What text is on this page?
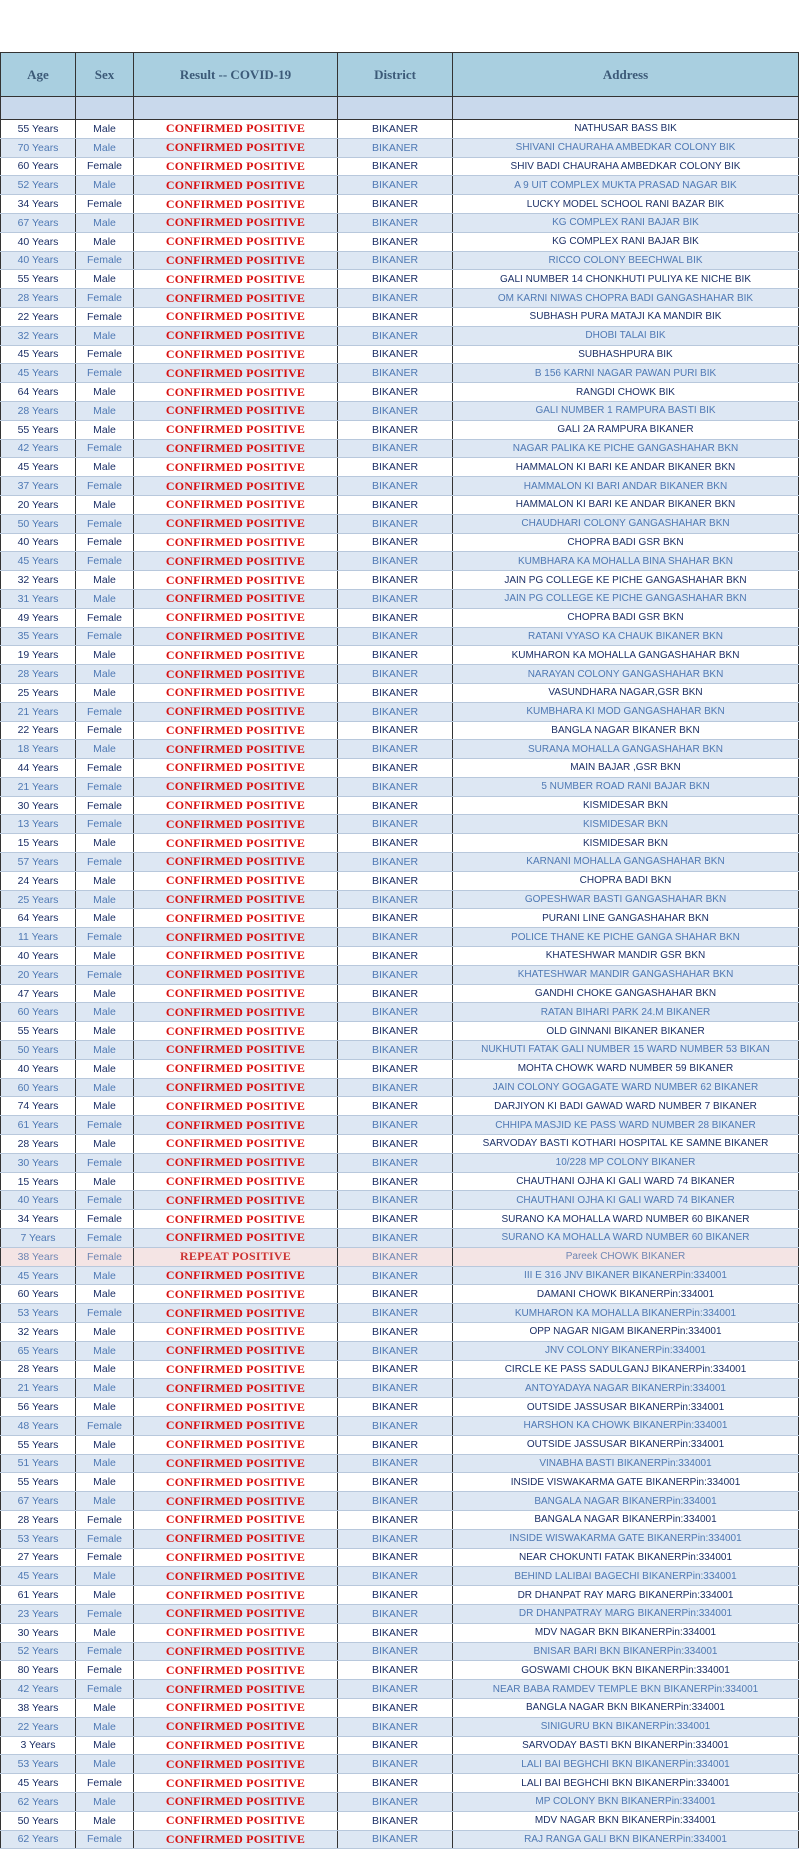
Age	Sex	Result -- COVID-19	District	Address

55 Years	Male	CONFIRMED POSITIVE	BIKANER	NATHUSAR BASS BIK
70 Years	Male	CONFIRMED POSITIVE	BIKANER	SHIVANI CHAURAHA AMBEDKAR COLONY BIK
60 Years	Female	CONFIRMED POSITIVE	BIKANER	SHIV BADI CHAURAHA AMBEDKAR COLONY BIK
52 Years	Male	CONFIRMED POSITIVE	BIKANER	A 9 UIT COMPLEX MUKTA PRASAD NAGAR BIK
34 Years	Female	CONFIRMED POSITIVE	BIKANER	LUCKY MODEL SCHOOL RANI BAZAR BIK
67 Years	Male	CONFIRMED POSITIVE	BIKANER	KG COMPLEX RANI BAJAR BIK
40 Years	Male	CONFIRMED POSITIVE	BIKANER	KG COMPLEX RANI BAJAR BIK
40 Years	Female	CONFIRMED POSITIVE	BIKANER	RICCO COLONY BEECHWAL BIK
55 Years	Male	CONFIRMED POSITIVE	BIKANER	GALI NUMBER 14 CHONKHUTI PULIYA KE NICHE BIK
28 Years	Female	CONFIRMED POSITIVE	BIKANER	OM KARNI NIWAS CHOPRA BADI GANGASHAHAR BIK
22 Years	Female	CONFIRMED POSITIVE	BIKANER	SUBHASH PURA MATAJI KA MANDIR BIK
32 Years	Male	CONFIRMED POSITIVE	BIKANER	DHOBI TALAI BIK
45 Years	Female	CONFIRMED POSITIVE	BIKANER	SUBHASHPURA BIK
45 Years	Female	CONFIRMED POSITIVE	BIKANER	B 156 KARNI NAGAR PAWAN PURI BIK
64 Years	Male	CONFIRMED POSITIVE	BIKANER	RANGDI CHOWK BIK
28 Years	Male	CONFIRMED POSITIVE	BIKANER	GALI NUMBER 1 RAMPURA BASTI BIK
55 Years	Male	CONFIRMED POSITIVE	BIKANER	GALI 2A RAMPURA BIKANER
42 Years	Female	CONFIRMED POSITIVE	BIKANER	NAGAR PALIKA KE PICHE GANGASHAHAR BKN
45 Years	Male	CONFIRMED POSITIVE	BIKANER	HAMMALON KI BARI KE ANDAR BIKANER BKN
37 Years	Female	CONFIRMED POSITIVE	BIKANER	HAMMALON KI BARI ANDAR BIKANER BKN
20 Years	Male	CONFIRMED POSITIVE	BIKANER	HAMMALON KI BARI KE ANDAR BIKANER BKN
50 Years	Female	CONFIRMED POSITIVE	BIKANER	CHAUDHARI COLONY GANGASHAHAR BKN
40 Years	Female	CONFIRMED POSITIVE	BIKANER	CHOPRA BADI GSR BKN
45 Years	Female	CONFIRMED POSITIVE	BIKANER	KUMBHARA KA MOHALLA BINA SHAHAR BKN
32 Years	Male	CONFIRMED POSITIVE	BIKANER	JAIN PG COLLEGE KE PICHE GANGASHAHAR BKN
31 Years	Male	CONFIRMED POSITIVE	BIKANER	JAIN PG COLLEGE KE PICHE GANGASHAHAR BKN
49 Years	Female	CONFIRMED POSITIVE	BIKANER	CHOPRA BADI GSR BKN
35 Years	Female	CONFIRMED POSITIVE	BIKANER	RATANI VYASO KA CHAUK BIKANER BKN
19 Years	Male	CONFIRMED POSITIVE	BIKANER	KUMHARON KA MOHALLA GANGASHAHAR BKN
28 Years	Male	CONFIRMED POSITIVE	BIKANER	NARAYAN COLONY GANGASHAHAR BKN
25 Years	Male	CONFIRMED POSITIVE	BIKANER	VASUNDHARA NAGAR,GSR BKN
21 Years	Female	CONFIRMED POSITIVE	BIKANER	KUMBHARA KI MOD GANGASHAHAR BKN
22 Years	Female	CONFIRMED POSITIVE	BIKANER	BANGLA NAGAR BIKANER BKN
18 Years	Male	CONFIRMED POSITIVE	BIKANER	SURANA MOHALLA GANGASHAHAR BKN
44 Years	Female	CONFIRMED POSITIVE	BIKANER	MAIN BAJAR ,GSR BKN
21 Years	Female	CONFIRMED POSITIVE	BIKANER	5 NUMBER ROAD RANI BAJAR BKN
30 Years	Female	CONFIRMED POSITIVE	BIKANER	KISMIDESAR BKN
13 Years	Female	CONFIRMED POSITIVE	BIKANER	KISMIDESAR BKN
15 Years	Male	CONFIRMED POSITIVE	BIKANER	KISMIDESAR BKN
57 Years	Female	CONFIRMED POSITIVE	BIKANER	KARNANI MOHALLA GANGASHAHAR BKN
24 Years	Male	CONFIRMED POSITIVE	BIKANER	CHOPRA BADI BKN
25 Years	Male	CONFIRMED POSITIVE	BIKANER	GOPESHWAR BASTI GANGASHAHAR BKN
64 Years	Male	CONFIRMED POSITIVE	BIKANER	PURANI LINE GANGASHAHAR BKN
11 Years	Female	CONFIRMED POSITIVE	BIKANER	POLICE THANE KE PICHE GANGA SHAHAR BKN
40 Years	Male	CONFIRMED POSITIVE	BIKANER	KHATESHWAR MANDIR GSR BKN
20 Years	Female	CONFIRMED POSITIVE	BIKANER	KHATESHWAR MANDIR GANGASHAHAR BKN
47 Years	Male	CONFIRMED POSITIVE	BIKANER	GANDHI CHOKE GANGASHAHAR BKN
60 Years	Male	CONFIRMED POSITIVE	BIKANER	RATAN BIHARI PARK 24.M BIKANER
55 Years	Male	CONFIRMED POSITIVE	BIKANER	OLD GINNANI BIKANER BIKANER
50 Years	Male	CONFIRMED POSITIVE	BIKANER	NUKHUTI FATAK GALI NUMBER 15 WARD NUMBER 53 BIKAN
40 Years	Male	CONFIRMED POSITIVE	BIKANER	MOHTA CHOWK WARD NUMBER 59 BIKANER
60 Years	Male	CONFIRMED POSITIVE	BIKANER	JAIN COLONY GOGAGATE WARD NUMBER 62 BIKANER
74 Years	Male	CONFIRMED POSITIVE	BIKANER	DARJIYON KI BADI GAWAD WARD NUMBER 7 BIKANER
61 Years	Female	CONFIRMED POSITIVE	BIKANER	CHHIPA MASJID KE PASS WARD NUMBER 28 BIKANER
28 Years	Male	CONFIRMED POSITIVE	BIKANER	SARVODAY BASTI KOTHARI HOSPITAL KE SAMNE BIKANER
30 Years	Female	CONFIRMED POSITIVE	BIKANER	10/228 MP COLONY BIKANER
15 Years	Male	CONFIRMED POSITIVE	BIKANER	CHAUTHANI OJHA KI GALI WARD 74 BIKANER
40 Years	Female	CONFIRMED POSITIVE	BIKANER	CHAUTHANI OJHA KI GALI WARD 74 BIKANER
34 Years	Female	CONFIRMED POSITIVE	BIKANER	SURANO KA MOHALLA WARD NUMBER 60 BIKANER
7 Years	Female	CONFIRMED POSITIVE	BIKANER	SURANO KA MOHALLA WARD NUMBER 60 BIKANER
38 Years	Female	REPEAT POSITIVE	BIKANER	Pareek CHOWK BIKANER
45 Years	Male	CONFIRMED POSITIVE	BIKANER	III E 316 JNV BIKANER BIKANERPin:334001
60 Years	Male	CONFIRMED POSITIVE	BIKANER	DAMANI CHOWK BIKANERPin:334001
53 Years	Female	CONFIRMED POSITIVE	BIKANER	KUMHARON KA MOHALLA BIKANERPin:334001
32 Years	Male	CONFIRMED POSITIVE	BIKANER	OPP NAGAR NIGAM BIKANERPin:334001
65 Years	Male	CONFIRMED POSITIVE	BIKANER	JNV COLONY BIKANERPin:334001
28 Years	Male	CONFIRMED POSITIVE	BIKANER	CIRCLE KE PASS SADULGANJ BIKANERPin:334001
21 Years	Male	CONFIRMED POSITIVE	BIKANER	ANTOYADAYA NAGAR BIKANERPin:334001
56 Years	Male	CONFIRMED POSITIVE	BIKANER	OUTSIDE JASSUSAR BIKANERPin:334001
48 Years	Female	CONFIRMED POSITIVE	BIKANER	HARSHON KA CHOWK BIKANERPin:334001
55 Years	Male	CONFIRMED POSITIVE	BIKANER	OUTSIDE JASSUSAR BIKANERPin:334001
51 Years	Male	CONFIRMED POSITIVE	BIKANER	VINABHA BASTI BIKANERPin:334001
55 Years	Male	CONFIRMED POSITIVE	BIKANER	INSIDE VISWAKARMA GATE BIKANERPin:334001
67 Years	Male	CONFIRMED POSITIVE	BIKANER	BANGALA NAGAR BIKANERPin:334001
28 Years	Female	CONFIRMED POSITIVE	BIKANER	BANGALA NAGAR BIKANERPin:334001
53 Years	Female	CONFIRMED POSITIVE	BIKANER	INSIDE WISWAKARMA GATE BIKANERPin:334001
27 Years	Female	CONFIRMED POSITIVE	BIKANER	NEAR CHOKUNTI FATAK BIKANERPin:334001
45 Years	Male	CONFIRMED POSITIVE	BIKANER	BEHIND LALIBAI BAGECHI BIKANERPin:334001
61 Years	Male	CONFIRMED POSITIVE	BIKANER	DR DHANPAT RAY MARG BIKANERPin:334001
23 Years	Female	CONFIRMED POSITIVE	BIKANER	DR DHANPATRAY MARG BIKANERPin:334001
30 Years	Male	CONFIRMED POSITIVE	BIKANER	MDV NAGAR BKN BIKANERPin:334001
52 Years	Female	CONFIRMED POSITIVE	BIKANER	BNISAR BARI BKN BIKANERPin:334001
80 Years	Female	CONFIRMED POSITIVE	BIKANER	GOSWAMI CHOUK BKN BIKANERPin:334001
42 Years	Female	CONFIRMED POSITIVE	BIKANER	NEAR BABA RAMDEV TEMPLE BKN BIKANERPin:334001
38 Years	Male	CONFIRMED POSITIVE	BIKANER	BANGLA NAGAR BKN BIKANERPin:334001
22 Years	Male	CONFIRMED POSITIVE	BIKANER	SINIGURU BKN BIKANERPin:334001
3 Years	Male	CONFIRMED POSITIVE	BIKANER	SARVODAY BASTI BKN BIKANERPin:334001
53 Years	Male	CONFIRMED POSITIVE	BIKANER	LALI BAI BEGHCHI BKN BIKANERPin:334001
45 Years	Female	CONFIRMED POSITIVE	BIKANER	LALI BAI BEGHCHI BKN BIKANERPin:334001
62 Years	Male	CONFIRMED POSITIVE	BIKANER	MP COLONY BKN BIKANERPin:334001
50 Years	Male	CONFIRMED POSITIVE	BIKANER	MDV NAGAR BKN BIKANERPin:334001
62 Years	Female	CONFIRMED POSITIVE	BIKANER	RAJ RANGA GALI BKN BIKANERPin:334001
